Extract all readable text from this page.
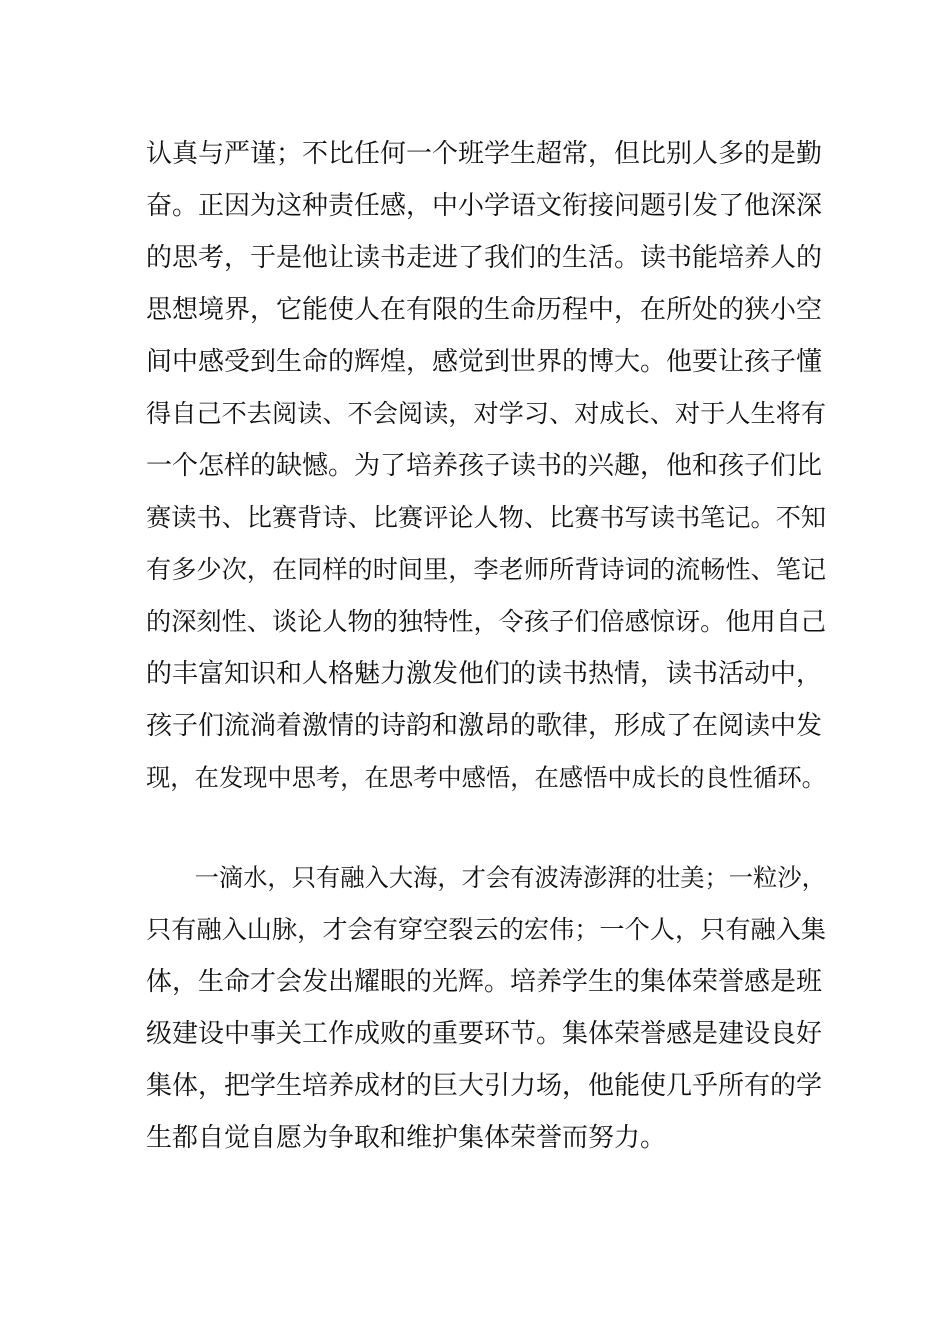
认真与严谨；不比任何一个班学生超常，但比别人多的是勤
奋。正因为这种责任感，中小学语文衔接问题引发了他深深
的思考，于是他让读书走进了我们的生活。读书能培养人的
思想境界，它能使人在有限的生命历程中，在所处的狭小空
间中感受到生命的辉煌，感觉到世界的博大。他要让孩子懂
得自己不去阅读、不会阅读，对学习、对成长、对于人生将有
一个怎样的缺憾。为了培养孩子读书的兴趣，他和孩子们比
赛读书、比赛背诗、比赛评论人物、比赛书写读书笔记。不知
有多少次，在同样的时间里，李老师所背诗词的流畅性、笔记
的深刻性、谈论人物的独特性，令孩子们倍感惊讶。他用自己
的丰富知识和人格魅力激发他们的读书热情，读书活动中，
孩子们流淌着激情的诗韵和激昂的歌律，形成了在阅读中发
现，在发现中思考，在思考中感悟，在感悟中成长的良性循环。
　　一滴水，只有融入大海，才会有波涛澎湃的壮美；一粒沙，
只有融入山脉，才会有穿空裂云的宏伟；一个人，只有融入集
体，生命才会发出耀眼的光辉。培养学生的集体荣誉感是班
级建设中事关工作成败的重要环节。集体荣誉感是建设良好
集体，把学生培养成材的巨大引力场，他能使几乎所有的学
生都自觉自愿为争取和维护集体荣誉而努力。
